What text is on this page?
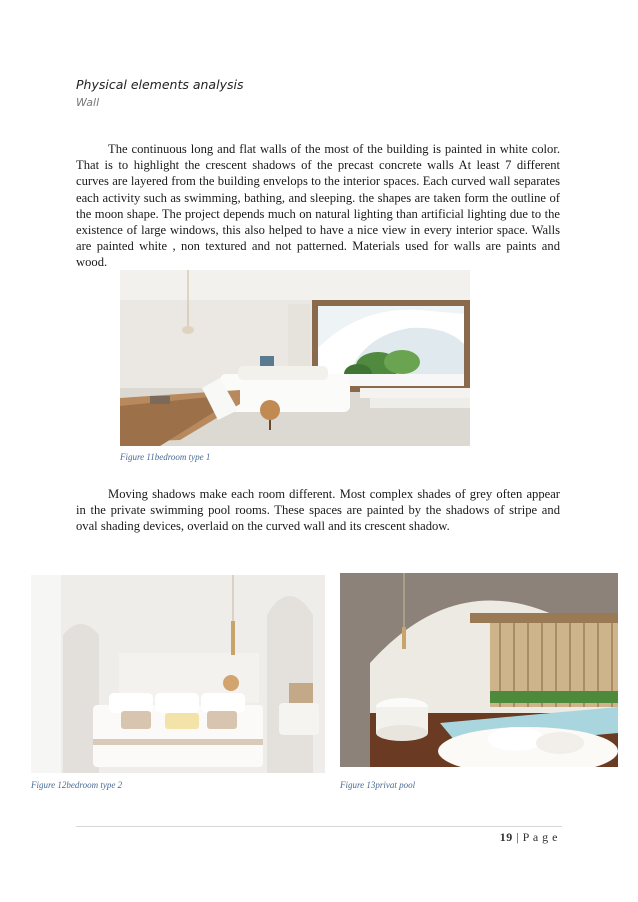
Physical elements analysis
Wall

The continuous long and flat walls of the most of the building is painted in white color. That is to highlight the crescent shadows of the precast concrete walls At least 7 different curves are layered from the building envelops to the interior spaces. Each curved wall separates each activity such as swimming, bathing, and sleeping. the shapes are taken form the outline of the moon shape. The project depends much on natural lighting than artificial lighting due to the existence of large windows, this also helped to have a nice view in every interior space. Walls are painted white , non textured and not patterned. Materials used for walls are paints and wood.

Figure 11bedroom type 1

Moving shadows make each room different. Most complex shades of grey often appear in the private swimming pool rooms. These spaces are painted by the shadows of stripe and oval shading devices, overlaid on the curved wall and its crescent shadow.

Figure 12bedroom type 2	Figure 13privat pool
19 | P a g e
